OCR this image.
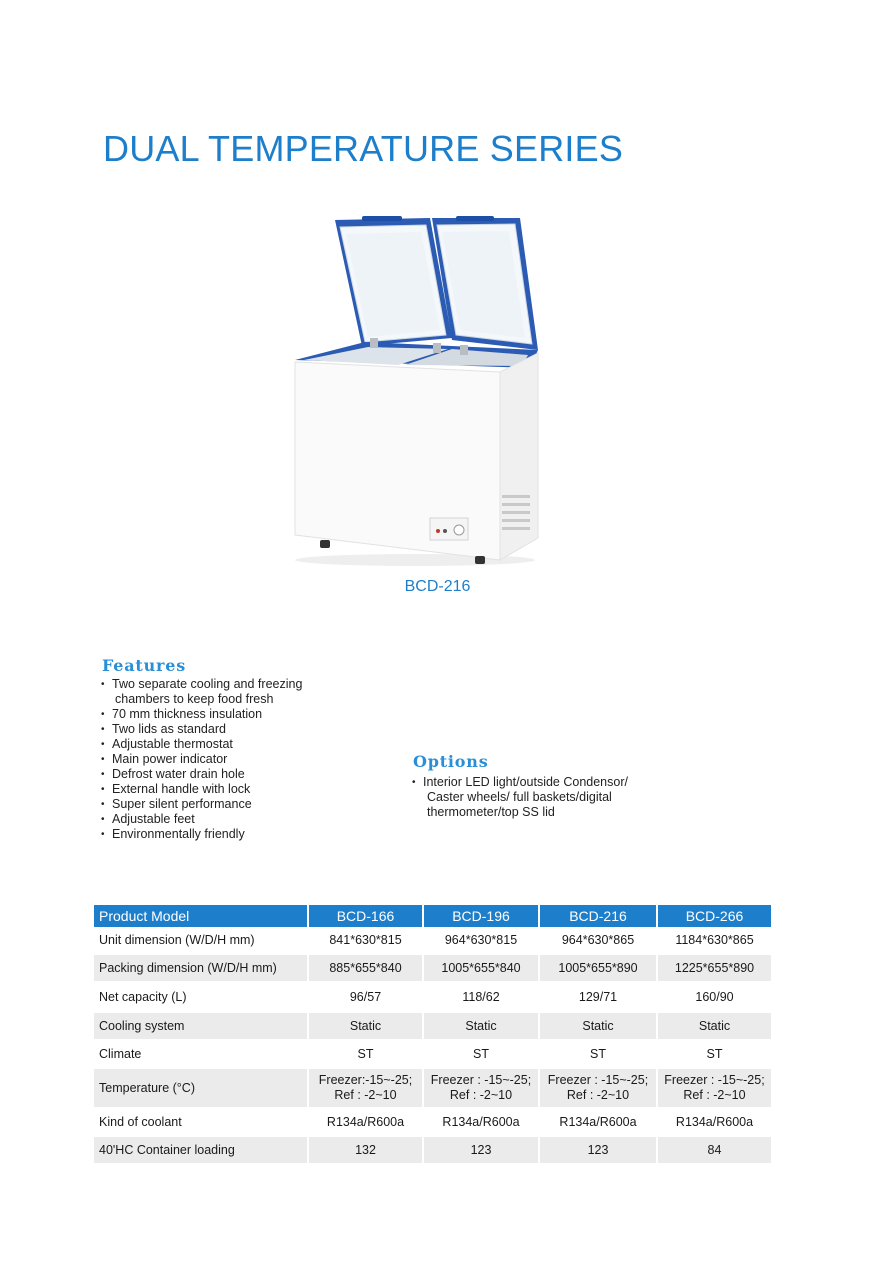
DUAL TEMPERATURE SERIES
BCD-216
Features
• Two separate cooling and freezing
chambers to keep food fresh
• 70 mm thickness insulation
• Two lids as standard
• Adjustable thermostat
• Main power indicator
• Defrost water drain hole
• External handle with lock
• Super silent performance
• Adjustable feet
• Environmentally friendly
Options
• Interior LED light/outside Condensor/
Caster wheels/ full baskets/digital
thermometer/top SS lid
Product Model	BCD-166	BCD-196	BCD-216	BCD-266
Unit dimension (W/D/H mm)	841*630*815	964*630*815	964*630*865	1184*630*865

Packing dimension (W/D/H mm)	885*655*840	1005*655*840	1005*655*890	1225*655*890

Net capacity (L)	96/57	118/62	129/71	160/90

Cooling system	Static	Static	Static	Static

Climate	ST	ST	ST	ST

Temperature (°C)	Freezer:-15~-25;
Ref : -2~10	Freezer : -15~-25;
Ref : -2~10	Freezer : -15~-25;
Ref : -2~10	Freezer : -15~-25;
Ref : -2~10

Kind of coolant	R134a/R600a	R134a/R600a	R134a/R600a	R134a/R600a

40'HC Container loading	132	123	123	84
